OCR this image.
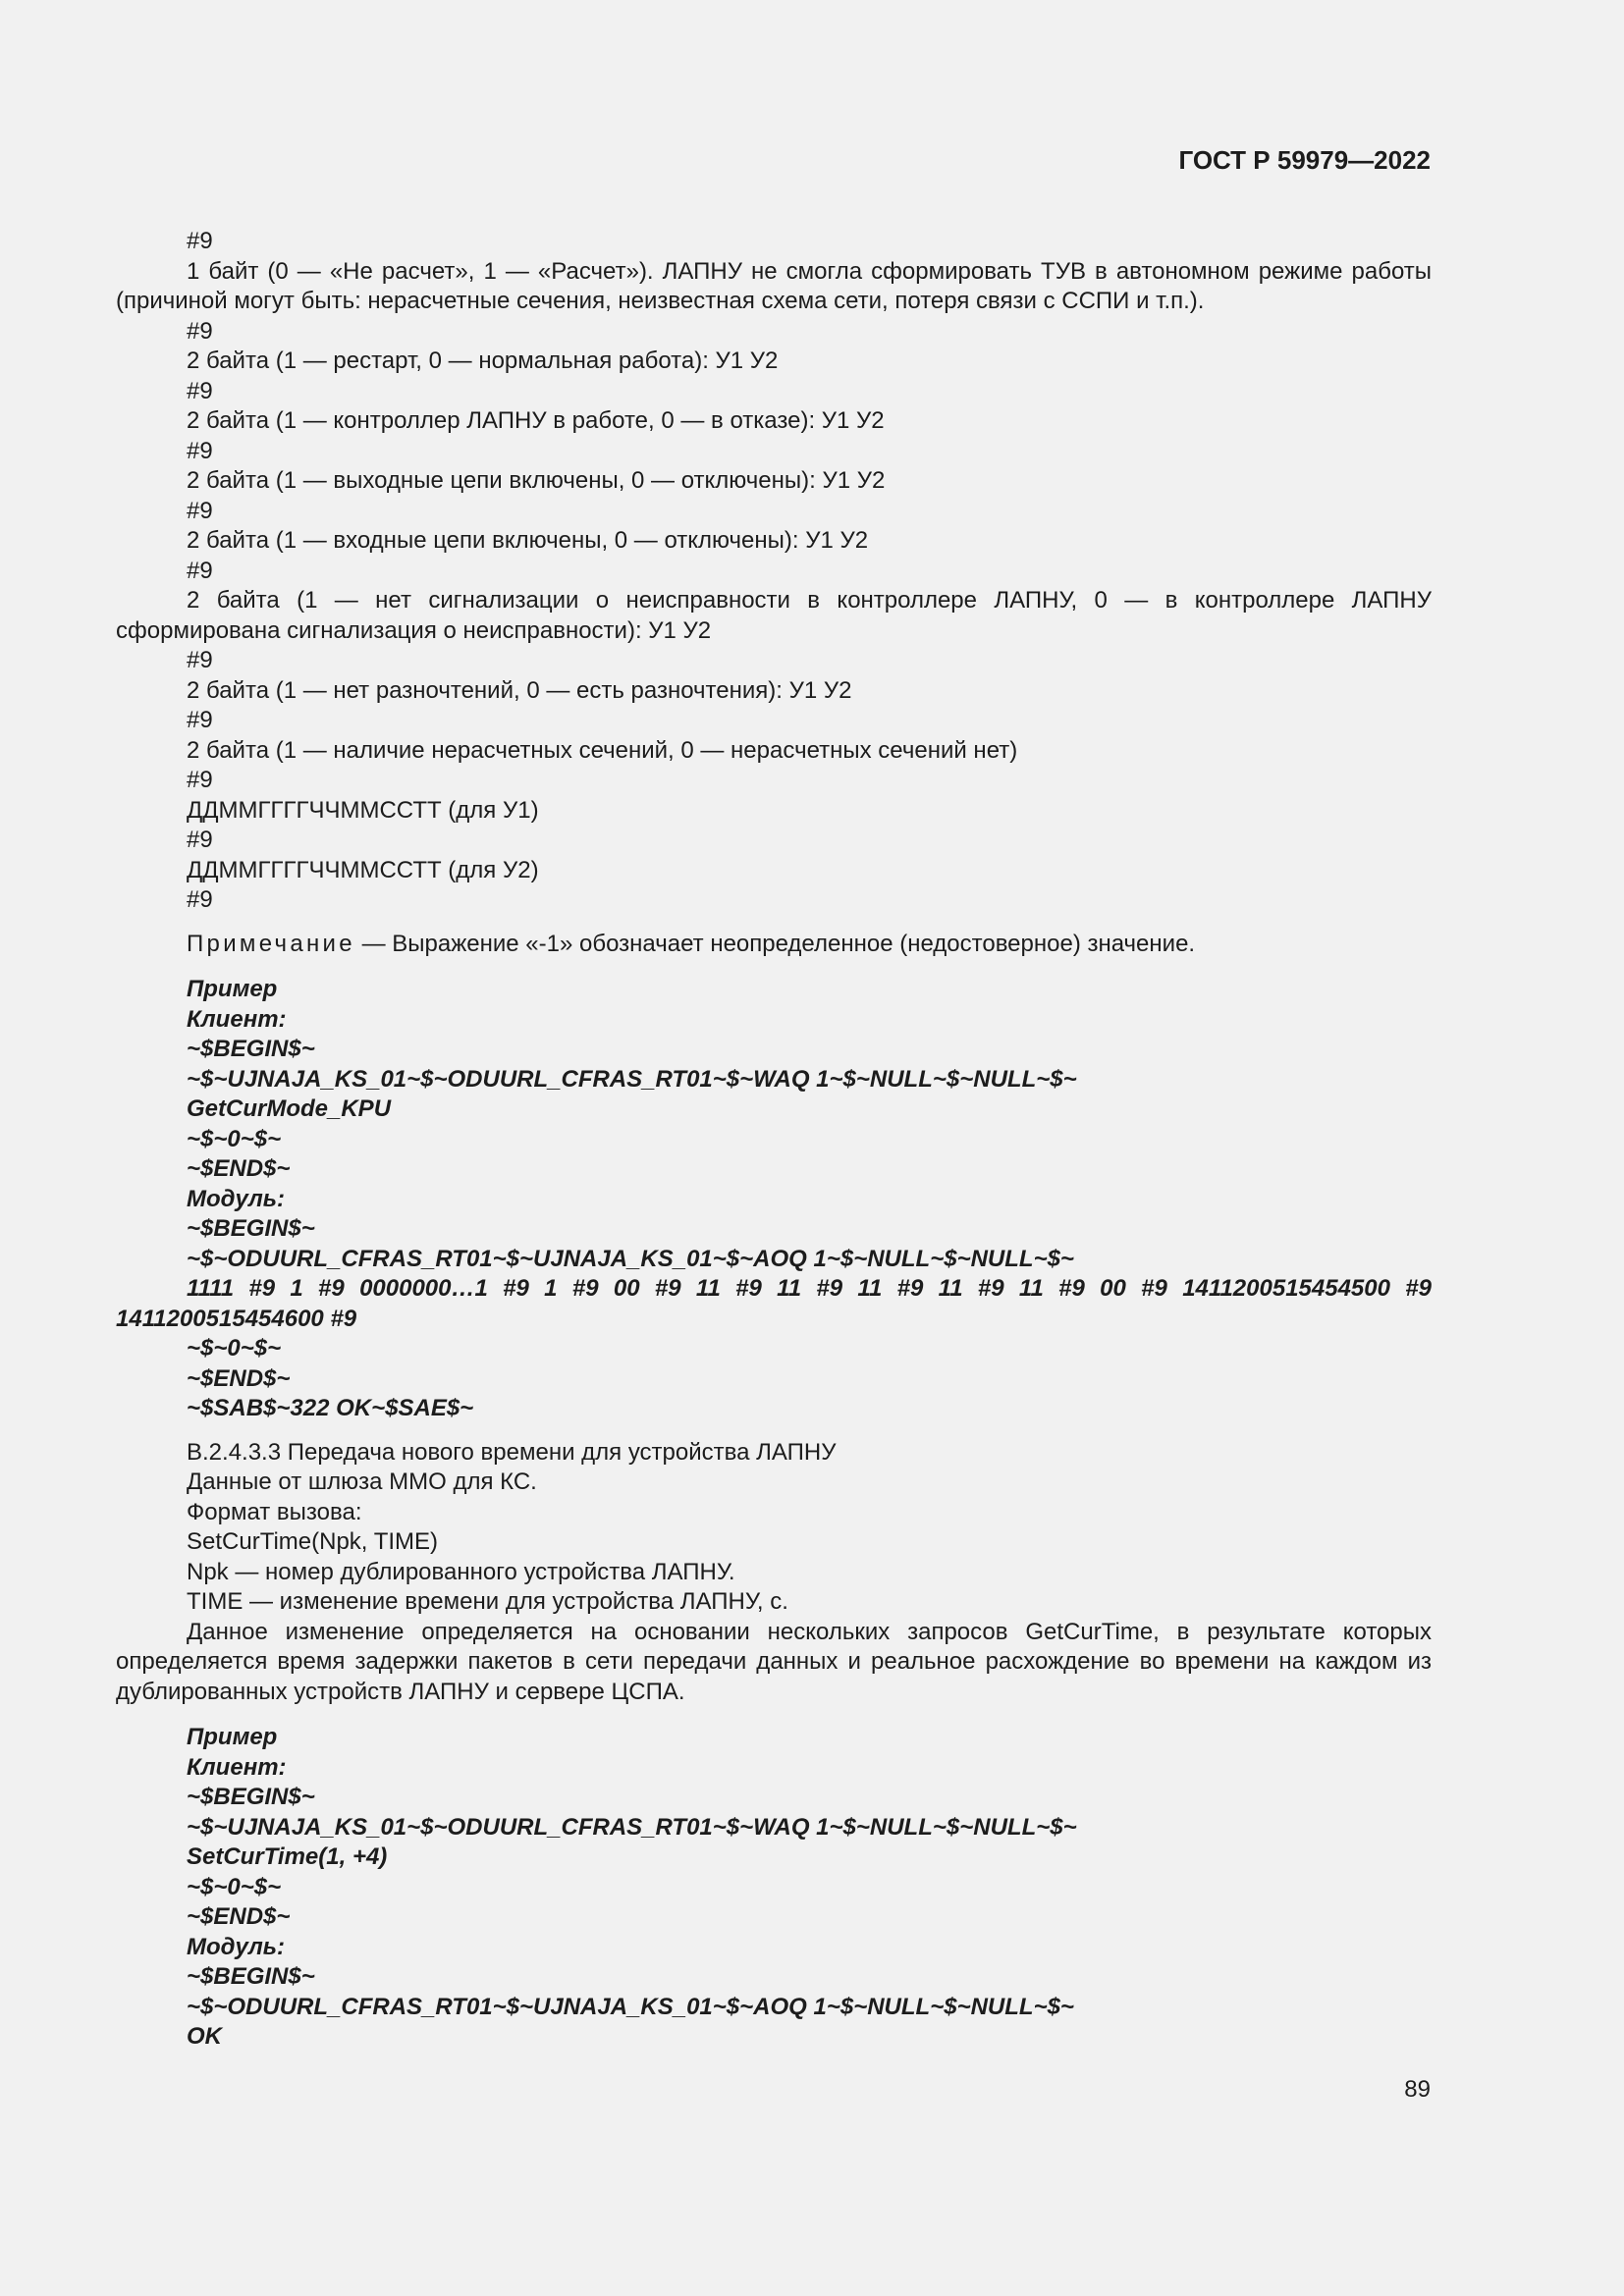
ГОСТ Р 59979—2022
#9
1 байт (0 — «Не расчет», 1 — «Расчет»). ЛАПНУ не смогла сформировать ТУВ в автономном режиме работы (причиной могут быть: нерасчетные сечения, неизвестная схема сети, потеря связи с ССПИ и т.п.).
#9
2 байта (1 — рестарт, 0 — нормальная работа): У1 У2
#9
2 байта (1 — контроллер ЛАПНУ в работе, 0 — в отказе): У1 У2
#9
2 байта (1 — выходные цепи включены, 0 — отключены): У1 У2
#9
2 байта (1 — входные цепи включены, 0 — отключены): У1 У2
#9
2 байта (1 — нет сигнализации о неисправности в контроллере ЛАПНУ, 0 — в контроллере ЛАПНУ сформирована сигнализация о неисправности): У1 У2
#9
2 байта (1 — нет разночтений, 0 — есть разночтения): У1 У2
#9
2 байта (1 — наличие нерасчетных сечений, 0 — нерасчетных сечений нет)
#9
ДДММГГГГЧЧММССТТ (для У1)
#9
ДДММГГГГЧЧММССТТ (для У2)
#9
Примечание — Выражение «-1» обозначает неопределенное (недостоверное) значение.
Пример
Клиент:
~$BEGIN$~
~$~UJNAJA_KS_01~$~ODUURL_CFRAS_RT01~$~WAQ 1~$~NULL~$~NULL~$~
GetCurMode_KPU
~$~0~$~
~$END$~
Модуль:
~$BEGIN$~
~$~ODUURL_CFRAS_RT01~$~UJNAJA_KS_01~$~AOQ 1~$~NULL~$~NULL~$~
1111 #9 1 #9 0000000…1 #9 1 #9 00 #9 11 #9 11 #9 11 #9 11 #9 11 #9 00 #9 1411200515454500 #9 1411200515454600 #9
~$~0~$~
~$END$~
~$SAB$~322 OK~$SAE$~
В.2.4.3.3 Передача нового времени для устройства ЛАПНУ
Данные от шлюза ММО для КС.
Формат вызова:
SetCurTime(Npk, TIME)
Npk — номер дублированного устройства ЛАПНУ.
TIME — изменение времени для устройства ЛАПНУ, с.
Данное изменение определяется на основании нескольких запросов GetCurTime, в результате которых определяется время задержки пакетов в сети передачи данных и реальное расхождение во времени на каждом из дублированных устройств ЛАПНУ и сервере ЦСПА.
Пример
Клиент:
~$BEGIN$~
~$~UJNAJA_KS_01~$~ODUURL_CFRAS_RT01~$~WAQ 1~$~NULL~$~NULL~$~
SetCurTime(1, +4)
~$~0~$~
~$END$~
Модуль:
~$BEGIN$~
~$~ODUURL_CFRAS_RT01~$~UJNAJA_KS_01~$~AOQ 1~$~NULL~$~NULL~$~
OK
89
